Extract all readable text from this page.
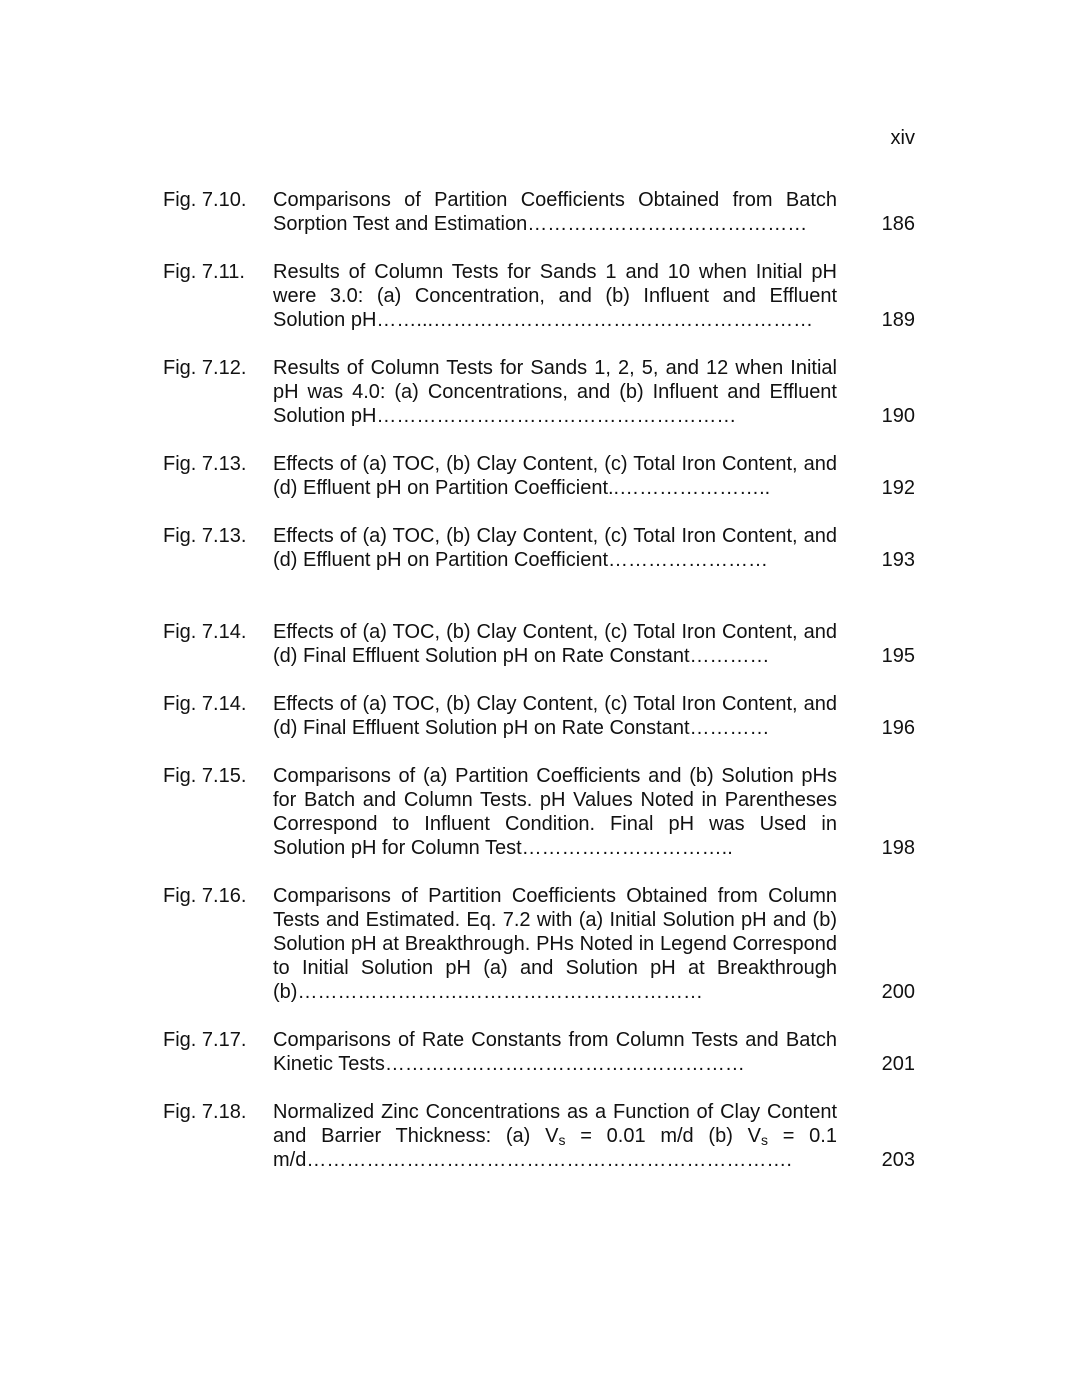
xiv
Fig. 7.10.	Comparisons of Partition Coefficients Obtained from Batch Sorption Test and Estimation……………………………………	186
Fig. 7.11.	Results of Column Tests for Sands 1 and 10 when Initial pH were 3.0: (a) Concentration, and (b) Influent and Effluent Solution pH……...…………………………………………………	189
Fig. 7.12.	Results of Column Tests for Sands 1, 2, 5, and 12 when Initial pH was 4.0: (a) Concentrations, and (b) Influent and Effluent Solution pH………………………………………………	190
Fig. 7.13.	Effects of (a) TOC, (b) Clay Content, (c) Total Iron Content, and (d) Effluent pH on Partition Coefficient..…………………..	192
Fig. 7.13.	Effects of (a) TOC, (b) Clay Content, (c) Total Iron Content, and (d) Effluent pH on Partition Coefficient……………………	193
Fig. 7.14.	Effects of (a) TOC, (b) Clay Content, (c) Total Iron Content, and (d) Final Effluent Solution pH on Rate Constant…………	195
Fig. 7.14.	Effects of (a) TOC, (b) Clay Content, (c) Total Iron Content, and (d) Final Effluent Solution pH on Rate Constant…………	196
Fig. 7.15.	Comparisons of (a) Partition Coefficients and (b) Solution pHs for Batch and Column Tests. pH Values Noted in Parentheses Correspond to Influent Condition. Final pH was Used in Solution pH for Column Test…………………………..	198
Fig. 7.16.	Comparisons of Partition Coefficients Obtained from Column Tests and Estimated. Eq. 7.2 with (a) Initial Solution pH and (b) Solution pH at Breakthrough. PHs Noted in Legend Correspond to Initial Solution pH (a) and Solution pH at Breakthrough (b)…………………….………………………………	200
Fig. 7.17.	Comparisons of Rate Constants from Column Tests and Batch Kinetic Tests………………………………………………	201
Fig. 7.18.	Normalized Zinc Concentrations as a Function of Clay Content and Barrier Thickness: (a) $V_s = 0.01$ m/d (b) $V_s = 0.1$ m/d……………………………………………………………….	203
